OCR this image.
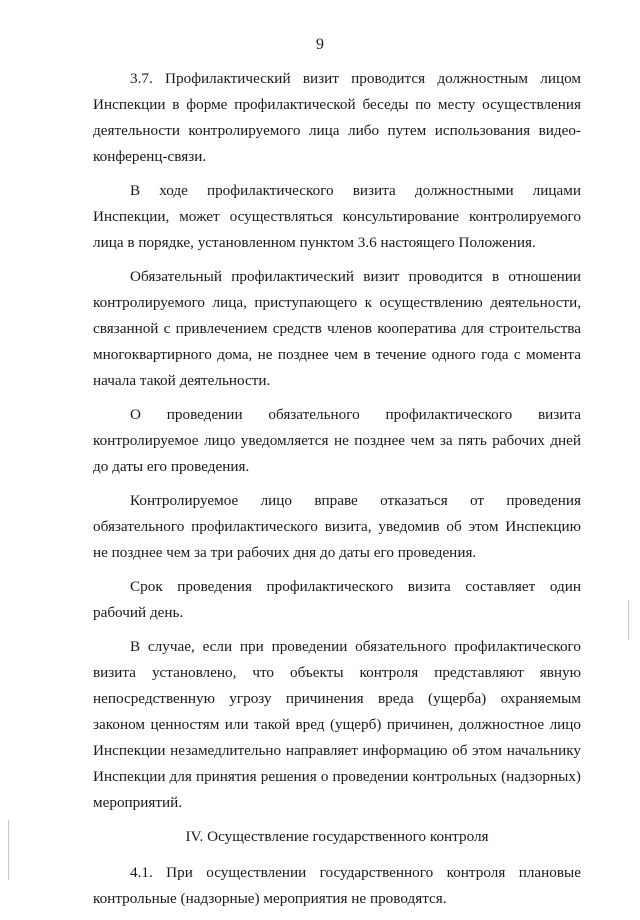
9

3.7. Профилактический визит проводится должностным лицом Инспекции в форме профилактической беседы по месту осуществления деятельности контролируемого лица либо путем использования видео-конференц-связи.

В ходе профилактического визита должностными лицами Инспекции, может осуществляться консультирование контролируемого лица в порядке, установленном пунктом 3.6 настоящего Положения.

Обязательный профилактический визит проводится в отношении контролируемого лица, приступающего к осуществлению деятельности, связанной с привлечением средств членов кооператива для строительства многоквартирного дома, не позднее чем в течение одного года с момента начала такой деятельности.

О проведении обязательного профилактического визита контролируемое лицо уведомляется не позднее чем за пять рабочих дней до даты его проведения.

Контролируемое лицо вправе отказаться от проведения обязательного профилактического визита, уведомив об этом Инспекцию не позднее чем за три рабочих дня до даты его проведения.

Срок проведения профилактического визита составляет один рабочий день.

В случае, если при проведении обязательного профилактического визита установлено, что объекты контроля представляют явную непосредственную угрозу причинения вреда (ущерба) охраняемым законом ценностям или такой вред (ущерб) причинен, должностное лицо Инспекции незамедлительно направляет информацию об этом начальнику Инспекции для принятия решения о проведении контрольных (надзорных) мероприятий.

IV. Осуществление государственного контроля

4.1. При осуществлении государственного контроля плановые контрольные (надзорные) мероприятия не проводятся.
